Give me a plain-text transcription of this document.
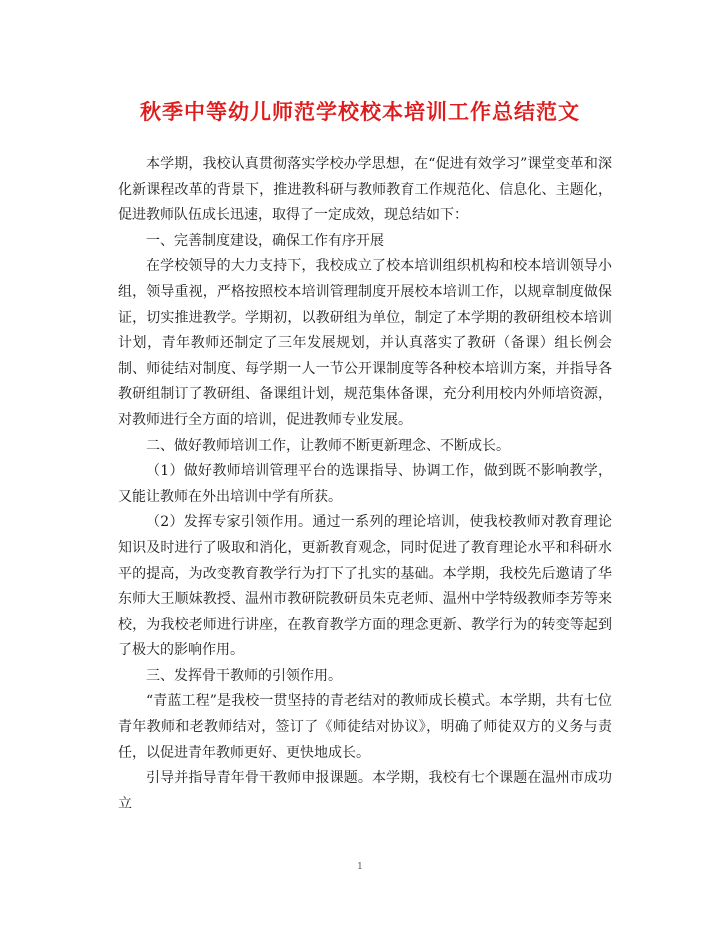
秋季中等幼儿师范学校校本培训工作总结范文

本学期，我校认真贯彻落实学校办学思想，在“促进有效学习”课堂变革和深化新课程改革的背景下，推进教科研与教师教育工作规范化、信息化、主题化，促进教师队伍成长迅速，取得了一定成效，现总结如下：

一、完善制度建设，确保工作有序开展

在学校领导的大力支持下，我校成立了校本培训组织机构和校本培训领导小组，领导重视，严格按照校本培训管理制度开展校本培训工作，以规章制度做保证，切实推进教学。学期初，以教研组为单位，制定了本学期的教研组校本培训计划，青年教师还制定了三年发展规划，并认真落实了教研（备课）组长例会制、师徒结对制度、每学期一人一节公开课制度等各种校本培训方案，并指导各教研组制订了教研组、备课组计划，规范集体备课，充分利用校内外师培资源，对教师进行全方面的培训，促进教师专业发展。

二、做好教师培训工作，让教师不断更新理念、不断成长。

（1）做好教师培训管理平台的选课指导、协调工作，做到既不影响教学，又能让教师在外出培训中学有所获。

（2）发挥专家引领作用。通过一系列的理论培训，使我校教师对教育理论知识及时进行了吸取和消化，更新教育观念，同时促进了教育理论水平和科研水平的提高，为改变教育教学行为打下了扎实的基础。本学期，我校先后邀请了华东师大王顺妹教授、温州市教研院教研员朱克老师、温州中学特级教师李芳等来校，为我校老师进行讲座，在教育教学方面的理念更新、教学行为的转变等起到了极大的影响作用。

三、发挥骨干教师的引领作用。

“青蓝工程”是我校一贯坚持的青老结对的教师成长模式。本学期，共有七位青年教师和老教师结对，签订了《师徒结对协议》，明确了师徒双方的义务与责任，以促进青年教师更好、更快地成长。

引导并指导青年骨干教师申报课题。本学期，我校有七个课题在温州市成功立

1
